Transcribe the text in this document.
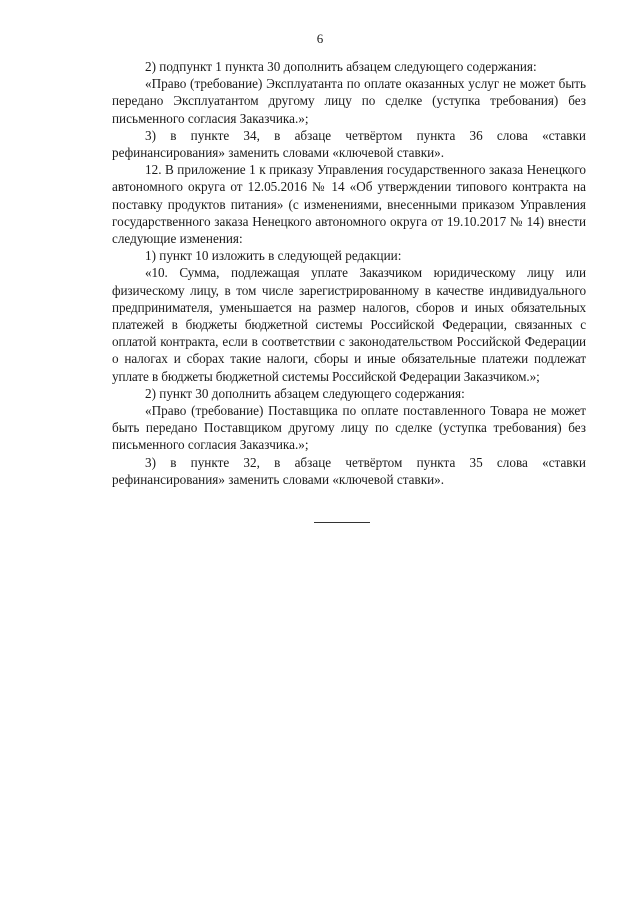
6

2) подпункт 1 пункта 30 дополнить абзацем следующего содержания:

«Право (требование) Эксплуатанта по оплате оказанных услуг не может быть передано Эксплуатантом другому лицу по сделке (уступка требования) без письменного согласия Заказчика.»;

3) в пункте 34, в абзаце четвёртом пункта 36 слова «ставки рефинансирования» заменить словами «ключевой ставки».

12. В приложение 1 к приказу Управления государственного заказа Ненецкого автономного округа от 12.05.2016 № 14 «Об утверждении типового контракта на поставку продуктов питания» (с изменениями, внесенными приказом Управления государственного заказа Ненецкого автономного округа от 19.10.2017 № 14) внести следующие изменения:

1) пункт 10 изложить в следующей редакции:

«10. Сумма, подлежащая уплате Заказчиком юридическому лицу или физическому лицу, в том числе зарегистрированному в качестве индивидуального предпринимателя, уменьшается на размер налогов, сборов и иных обязательных платежей в бюджеты бюджетной системы Российской Федерации, связанных с оплатой контракта, если в соответствии с законодательством Российской Федерации о налогах и сборах такие налоги, сборы и иные обязательные платежи подлежат уплате в бюджеты бюджетной системы Российской Федерации Заказчиком.»;

2) пункт 30 дополнить абзацем следующего содержания:

«Право (требование) Поставщика по оплате поставленного Товара не может быть передано Поставщиком другому лицу по сделке (уступка требования) без письменного согласия Заказчика.»;

3) в пункте 32, в абзаце четвёртом пункта 35 слова «ставки рефинансирования» заменить словами «ключевой ставки».
